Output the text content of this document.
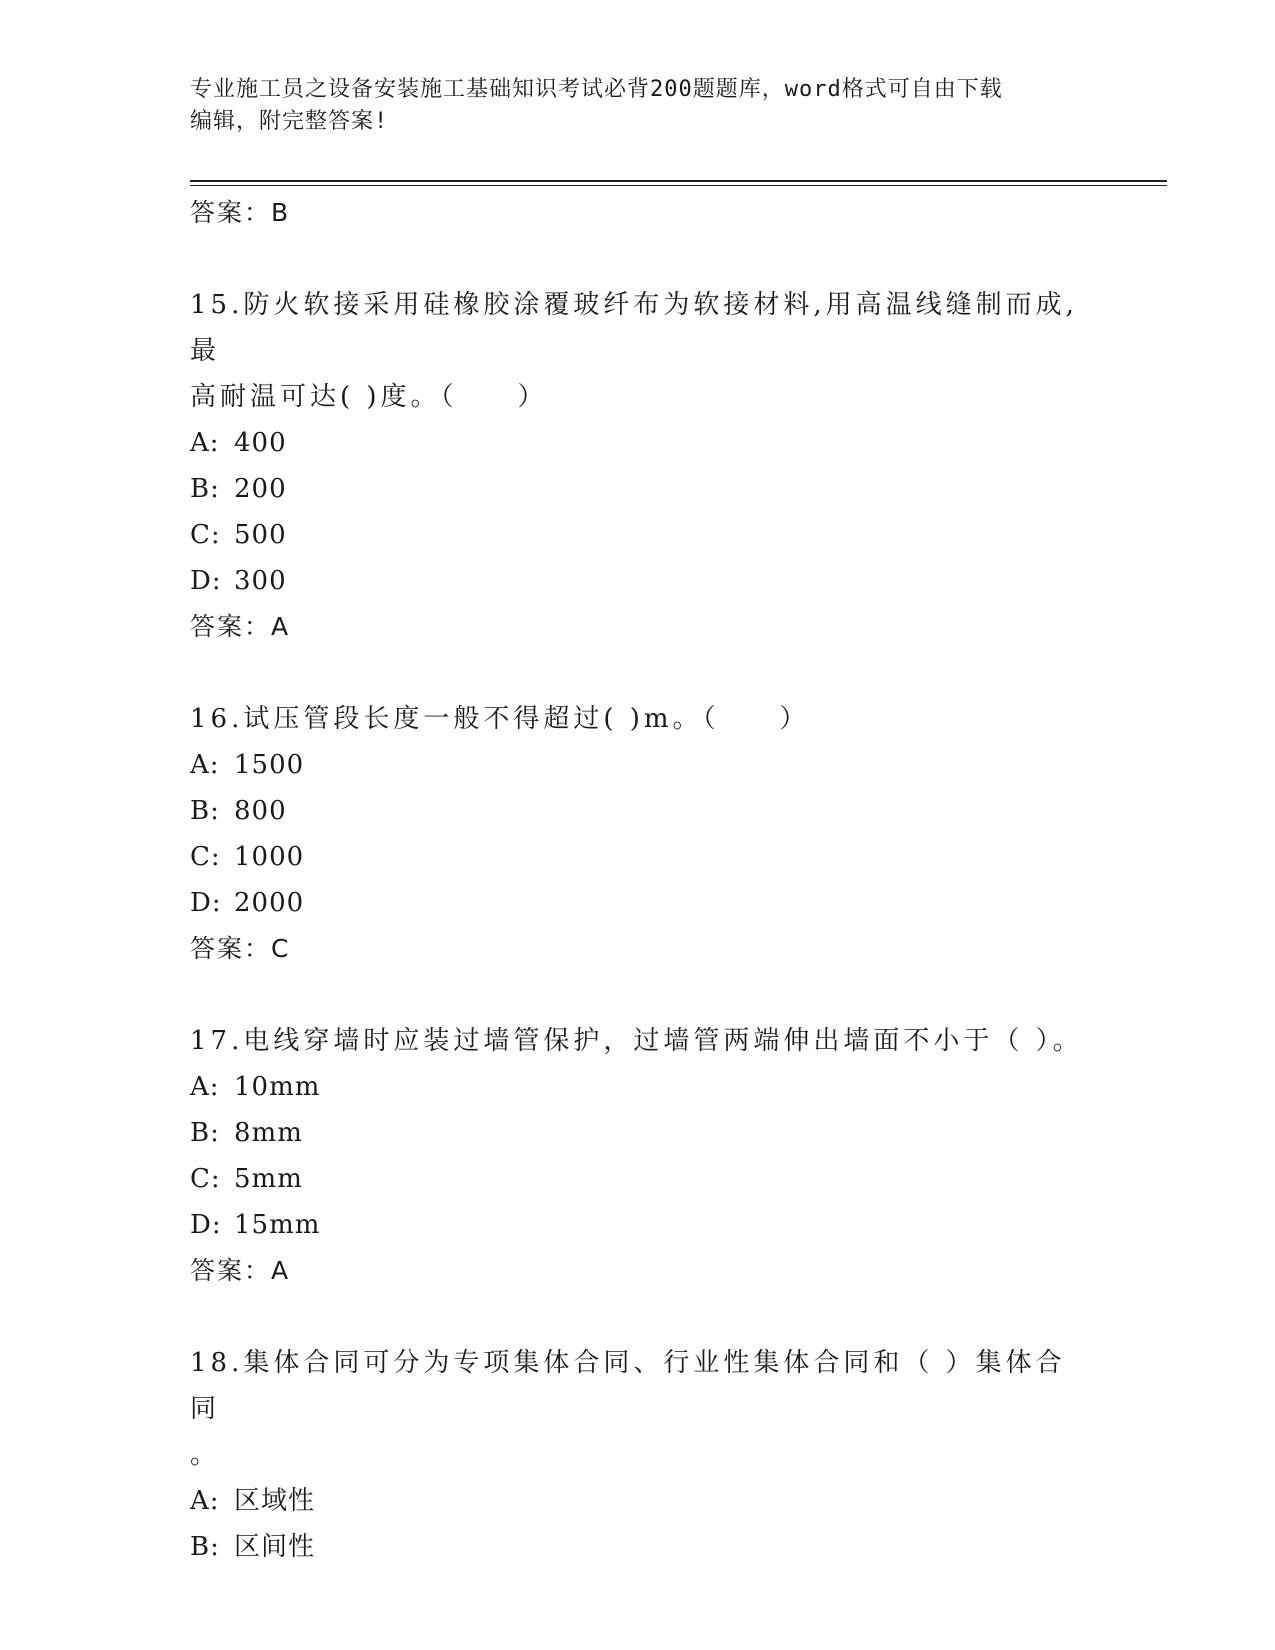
专业施工员之设备安装施工基础知识考试必背200题题库，word格式可自由下载
编辑，附完整答案!
答案：B
15.防火软接采用硅橡胶涂覆玻纤布为软接材料,用高温线缝制而成,最
高耐温可达( )度。（　　）
A: 400
B: 200
C: 500
D: 300
答案：A
16.试压管段长度一般不得超过( )m。（　　）
A: 1500
B: 800
C: 1000
D: 2000
答案：C
17.电线穿墙时应装过墙管保护，过墙管两端伸出墙面不小于（ ）。
A: 10mm
B: 8mm
C: 5mm
D: 15mm
答案：A
18.集体合同可分为专项集体合同、行业性集体合同和（ ）集体合同
。
A: 区域性
B: 区间性
